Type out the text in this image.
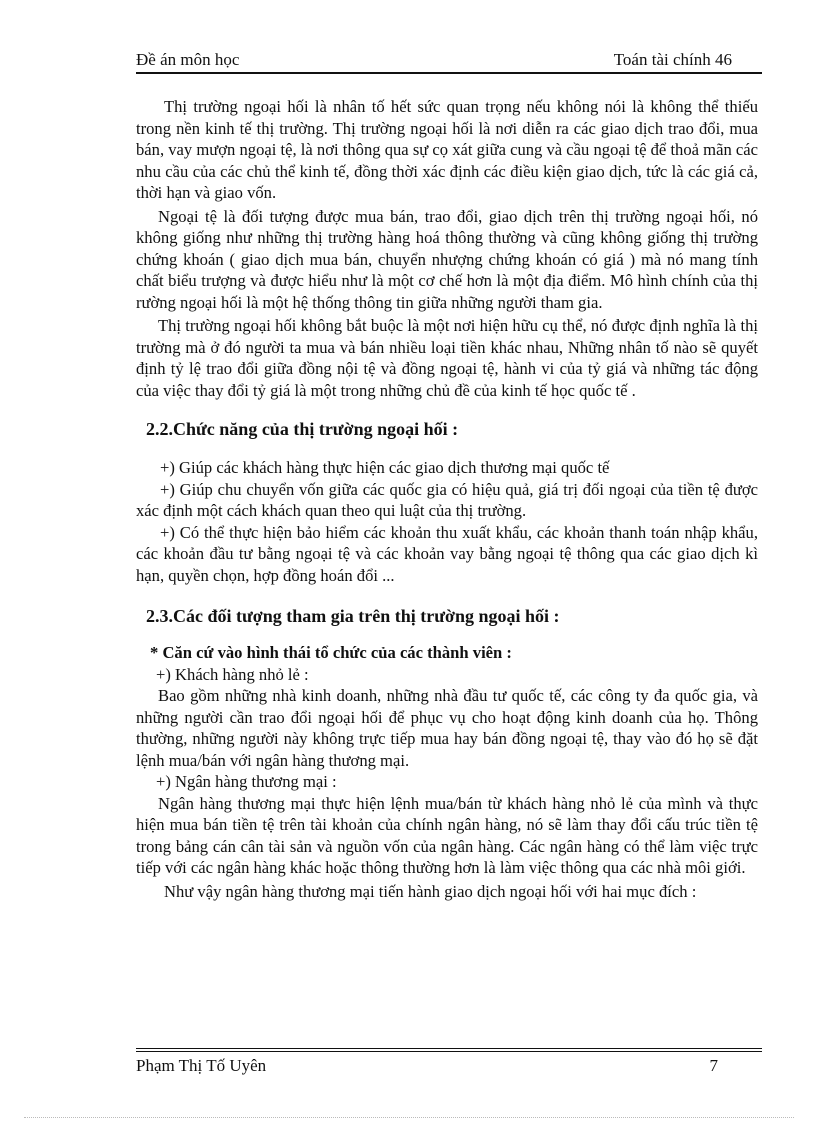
Đề án môn học	Toán tài chính 46

Thị trường ngoại hối là nhân tố hết sức quan trọng nếu không nói là không thể thiếu trong nền kinh tế thị trường. Thị trường ngoại hối là nơi diễn ra các giao dịch trao đổi, mua bán, vay mượn ngoại tệ, là nơi thông qua sự cọ xát giữa cung và cầu ngoại tệ để thoả mãn các nhu cầu của các chủ thể kinh tế, đồng thời xác định các điều kiện giao dịch, tức là các giá cả, thời hạn và giao vốn.

Ngoại tệ là đối tượng được mua bán, trao đổi, giao dịch trên thị trường ngoại hối, nó không giống như những thị trường hàng hoá thông thường và cũng không giống thị trường chứng khoán ( giao dịch mua bán, chuyển nhượng chứng khoán có giá ) mà nó mang tính chất biểu trượng và được hiểu như là một cơ chế hơn là một địa điểm. Mô hình chính của thị rường ngoại hối là một hệ thống thông tin giữa những người tham gia.

Thị trường ngoại hối không bắt buộc là một nơi hiện hữu cụ thể, nó được định nghĩa là thị trường mà ở đó người ta mua và bán nhiều loại tiền khác nhau, Những nhân tố nào sẽ quyết định tỷ lệ trao đổi giữa đồng nội tệ và đồng ngoại tệ, hành vi của tỷ giá và những tác động của việc thay đổi tỷ giá là một trong những chủ đề của kinh tế học quốc tế .

2.2.Chức năng của thị trường ngoại hối :

+) Giúp các khách hàng thực hiện các giao dịch thương mại quốc tế

+) Giúp chu chuyển vốn giữa các quốc gia có hiệu quả, giá trị đối ngoại của tiền tệ được xác định một cách khách quan theo qui luật của thị trường.

+) Có thể thực hiện bảo hiểm các khoản thu xuất khẩu, các khoản thanh toán nhập khẩu, các khoản đầu tư bằng ngoại tệ và các khoản vay bằng ngoại tệ thông qua các giao dịch kì hạn, quyền chọn, hợp đồng hoán đổi ...

2.3.Các đối tượng tham gia trên thị trường ngoại hối :

* Căn cứ vào hình thái tổ chức của các thành viên :

+) Khách hàng nhỏ lẻ :

Bao gồm những nhà kinh doanh, những nhà đầu tư quốc tế, các công ty đa quốc gia, và những người cần trao đổi ngoại hối để phục vụ cho hoạt động kinh doanh của họ. Thông thường, những người này không trực tiếp mua hay bán đồng ngoại tệ, thay vào đó họ sẽ đặt lệnh mua/bán với ngân hàng thương mại.

+) Ngân hàng thương mại :

Ngân hàng thương mại thực hiện lệnh mua/bán từ khách hàng nhỏ lẻ của mình và thực hiện mua bán tiền tệ trên tài khoản của chính ngân hàng, nó sẽ làm thay đổi cấu trúc tiền tệ trong bảng cán cân tài sản và nguồn vốn của ngân hàng. Các ngân hàng có thể làm việc trực tiếp với các ngân hàng khác hoặc thông thường hơn là làm việc thông qua các nhà môi giới.

Như vậy ngân hàng thương mại tiến hành giao dịch ngoại hối với hai mục đích :

Phạm Thị Tố Uyên	7
